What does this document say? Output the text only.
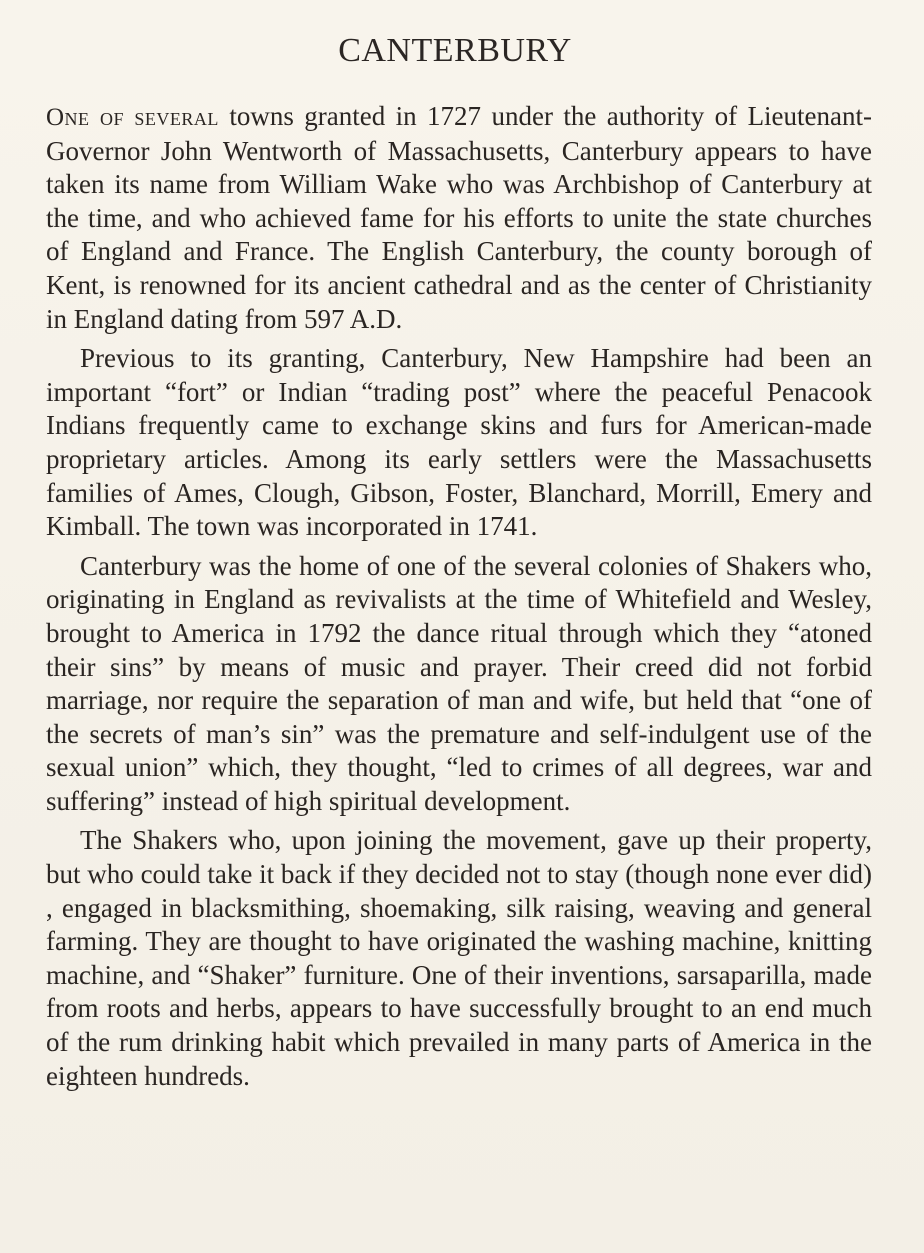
CANTERBURY

One of several towns granted in 1727 under the authority of Lieutenant-Governor John Wentworth of Massachusetts, Canterbury appears to have taken its name from William Wake who was Archbishop of Canterbury at the time, and who achieved fame for his efforts to unite the state churches of England and France. The English Canterbury, the county borough of Kent, is renowned for its ancient cathedral and as the center of Christianity in England dating from 597 A.D.

Previous to its granting, Canterbury, New Hampshire had been an important “fort” or Indian “trading post” where the peaceful Penacook Indians frequently came to exchange skins and furs for American-made proprietary articles. Among its early settlers were the Massachusetts families of Ames, Clough, Gibson, Foster, Blanchard, Morrill, Emery and Kimball. The town was incorporated in 1741.

Canterbury was the home of one of the several colonies of Shakers who, originating in England as revivalists at the time of Whitefield and Wesley, brought to America in 1792 the dance ritual through which they “atoned their sins” by means of music and prayer. Their creed did not forbid marriage, nor require the separation of man and wife, but held that “one of the secrets of man’s sin” was the premature and self-indulgent use of the sexual union” which, they thought, “led to crimes of all degrees, war and suffering” instead of high spiritual development.

The Shakers who, upon joining the movement, gave up their property, but who could take it back if they decided not to stay (though none ever did) , engaged in blacksmithing, shoemaking, silk raising, weaving and general farming. They are thought to have originated the washing machine, knitting machine, and “Shaker” furniture. One of their inventions, sarsaparilla, made from roots and herbs, appears to have successfully brought to an end much of the rum drinking habit which prevailed in many parts of America in the eighteen hundreds.
